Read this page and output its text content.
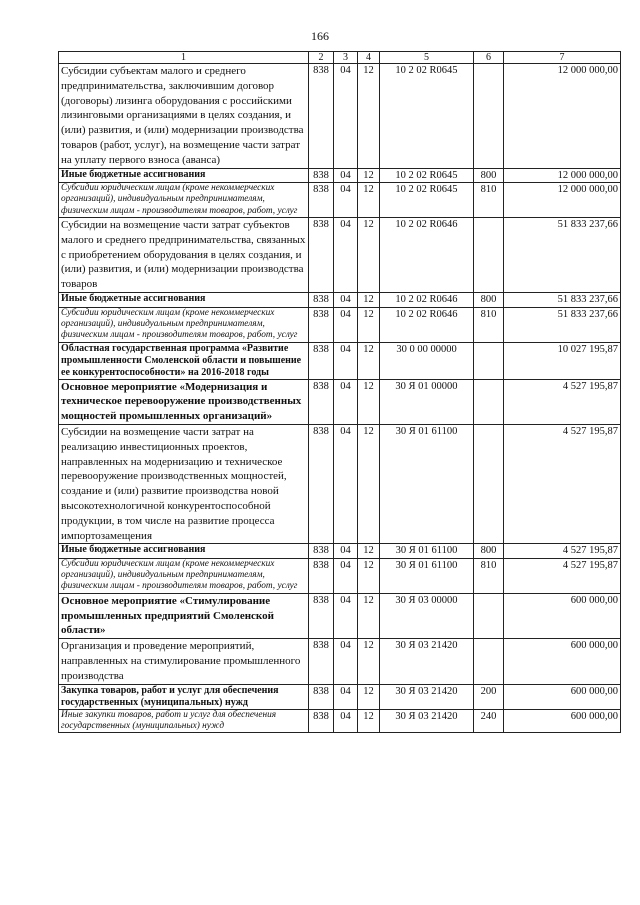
166
1	2	3	4	5	6	7
Субсидии субъектам малого и среднего предпринимательства, заключившим договор (договоры) лизинга оборудования с российскими лизинговыми организациями в целях создания, и (или) развития, и (или) модернизации производства товаров (работ, услуг), на возмещение части затрат на уплату первого взноса (аванса)	838	04	12	10 2 02 R0645		12 000 000,00
Иные бюджетные ассигнования	838	04	12	10 2 02 R0645	800	12 000 000,00
Субсидии юридическим лицам (кроме некоммерческих организаций), индивидуальным предпринимателям, физическим лицам - производителям товаров, работ, услуг	838	04	12	10 2 02 R0645	810	12 000 000,00
Субсидии на возмещение части затрат субъектов малого и среднего предпринимательства, связанных с приобретением оборудования в целях создания, и (или) развития, и (или) модернизации производства товаров	838	04	12	10 2 02 R0646		51 833 237,66
Иные бюджетные ассигнования	838	04	12	10 2 02 R0646	800	51 833 237,66
Субсидии юридическим лицам (кроме некоммерческих организаций), индивидуальным предпринимателям, физическим лицам - производителям товаров, работ, услуг	838	04	12	10 2 02 R0646	810	51 833 237,66
Областная государственная программа «Развитие промышленности Смоленской области и повышение ее конкурентоспособности» на 2016-2018 годы	838	04	12	30 0 00 00000		10 027 195,87
Основное мероприятие «Модернизация и техническое перевооружение производственных мощностей промышленных организаций»	838	04	12	30 Я 01 00000		4 527 195,87
Субсидии на возмещение части затрат на реализацию инвестиционных проектов, направленных на модернизацию и техническое перевооружение производственных мощностей, создание и (или) развитие производства новой высокотехнологичной конкурентоспособной продукции, в том числе на развитие процесса импортозамещения	838	04	12	30 Я 01 61100		4 527 195,87
Иные бюджетные ассигнования	838	04	12	30 Я 01 61100	800	4 527 195,87
Субсидии юридическим лицам (кроме некоммерческих организаций), индивидуальным предпринимателям, физическим лицам - производителям товаров, работ, услуг	838	04	12	30 Я 01 61100	810	4 527 195,87
Основное мероприятие «Стимулирование промышленных предприятий Смоленской области»	838	04	12	30 Я 03 00000		600 000,00
Организация и проведение мероприятий, направленных на стимулирование промышленного производства	838	04	12	30 Я 03 21420		600 000,00
Закупка товаров, работ и услуг для обеспечения государственных (муниципальных) нужд	838	04	12	30 Я 03 21420	200	600 000,00
Иные закупки товаров, работ и услуг для обеспечения государственных (муниципальных) нужд	838	04	12	30 Я 03 21420	240	600 000,00
